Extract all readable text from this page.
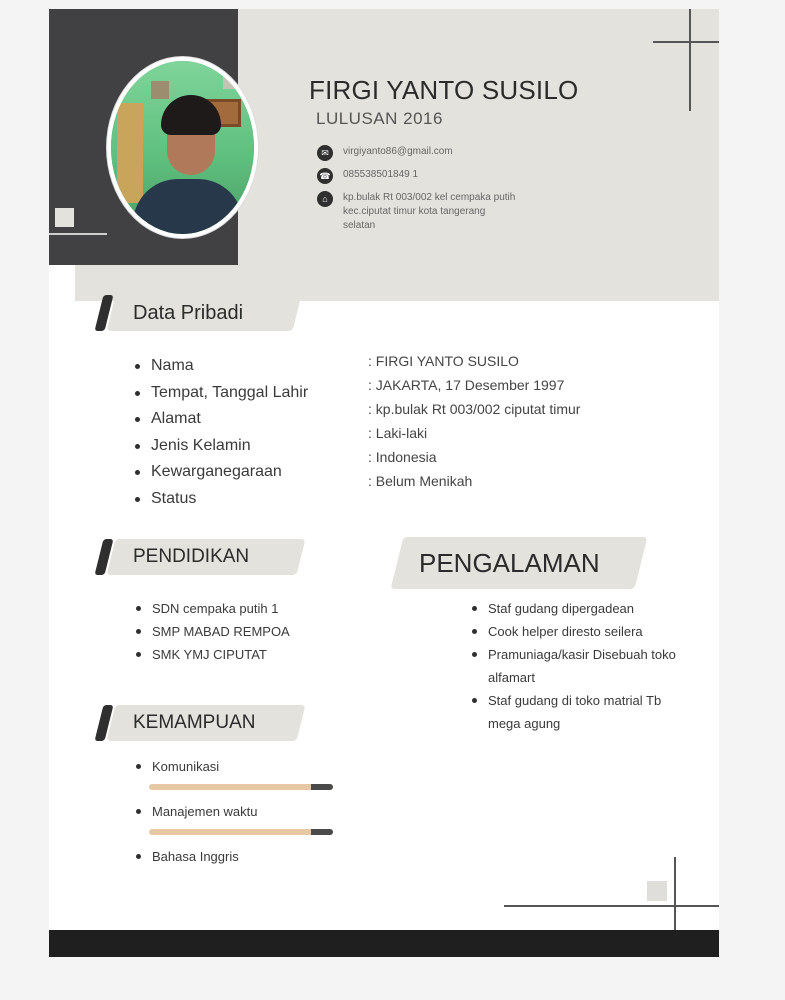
FIRGI YANTO SUSILO
LULUSAN 2016
✉	virgiyanto86@gmail.com
☎ 085538501849 1
⌂	kp.bulak Rt 003/002 kel cempaka putih kec.ciputat timur kota tangerang selatan
Data Pribadi
Nama
Tempat, Tanggal Lahir
Alamat
Jenis Kelamin
Kewarganegaraan
Status
: FIRGI YANTO SUSILO
: JAKARTA, 17 Desember 1997
: kp.bulak Rt 003/002 ciputat timur
: Laki-laki
: Indonesia
: Belum Menikah
PENDIDIKAN
SDN cempaka putih 1
SMP MABAD REMPOA
SMK YMJ CIPUTAT
PENGALAMAN
Staf gudang dipergadean
Cook helper diresto seilera
Pramuniaga/kasir Disebuah toko alfamart
Staf gudang di toko matrial Tb mega agung
KEMAMPUAN
Komunikasi
Manajemen waktu
Bahasa Inggris
